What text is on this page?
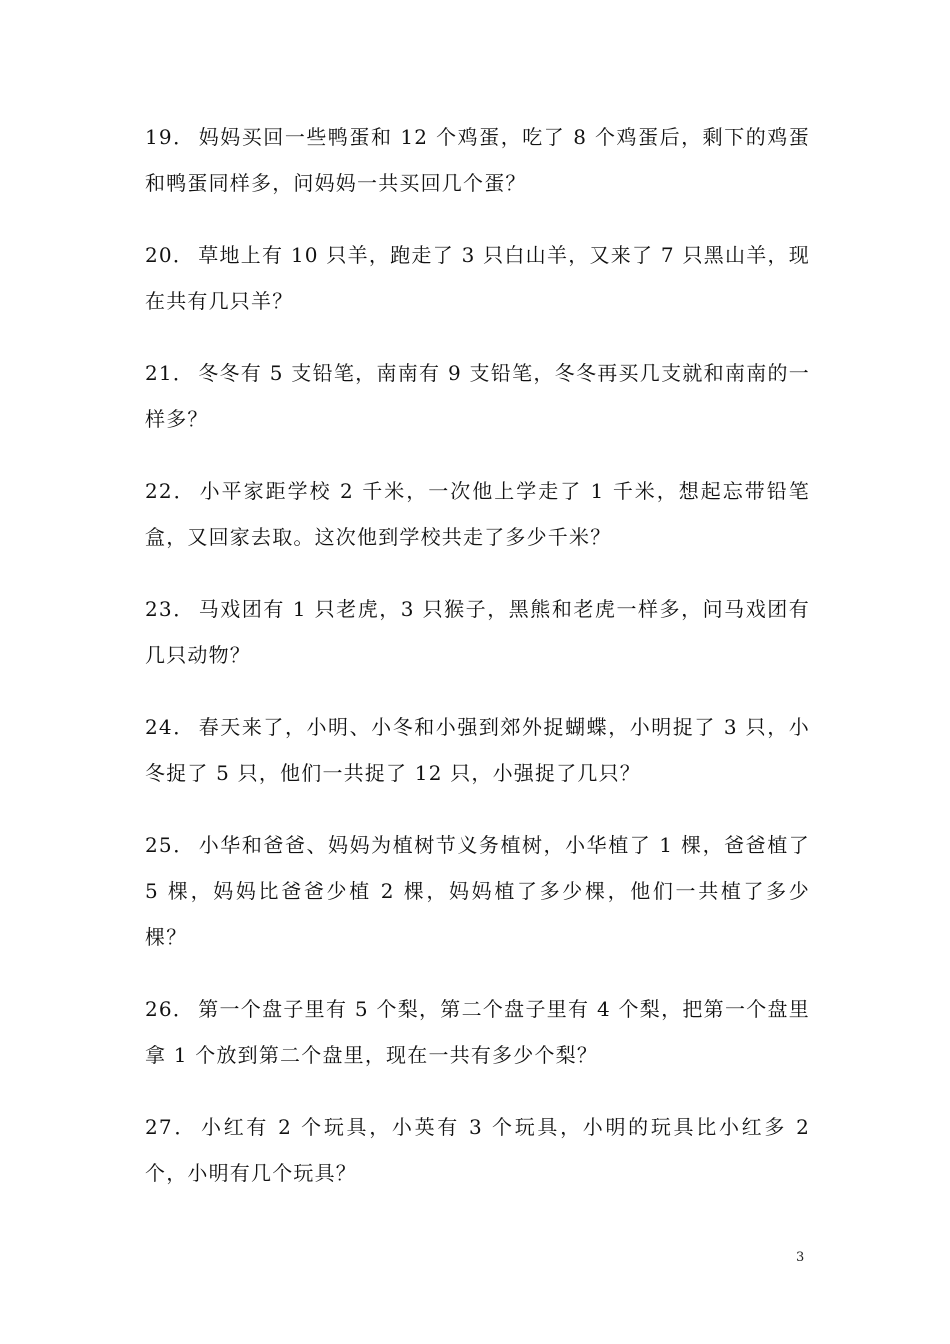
19． 妈妈买回一些鸭蛋和 12 个鸡蛋，吃了 8 个鸡蛋后，剩下的鸡蛋和鸭蛋同样多，问妈妈一共买回几个蛋？
20． 草地上有 10 只羊，跑走了 3 只白山羊，又来了 7 只黑山羊，现在共有几只羊？
21． 冬冬有 5 支铅笔，南南有 9 支铅笔，冬冬再买几支就和南南的一样多？
22． 小平家距学校 2 千米，一次他上学走了 1 千米，想起忘带铅笔盒，又回家去取。这次他到学校共走了多少千米？
23． 马戏团有 1 只老虎，3 只猴子，黑熊和老虎一样多，问马戏团有几只动物？
24． 春天来了，小明、小冬和小强到郊外捉蝴蝶，小明捉了 3 只，小冬捉了 5 只，他们一共捉了 12 只，小强捉了几只？
25． 小华和爸爸、妈妈为植树节义务植树，小华植了 1 棵，爸爸植了 5 棵，妈妈比爸爸少植 2 棵，妈妈植了多少棵，他们一共植了多少棵？
26． 第一个盘子里有 5 个梨，第二个盘子里有 4 个梨，把第一个盘里拿 1 个放到第二个盘里，现在一共有多少个梨？
27． 小红有 2 个玩具，小英有 3 个玩具，小明的玩具比小红多 2 个，小明有几个玩具？
3
